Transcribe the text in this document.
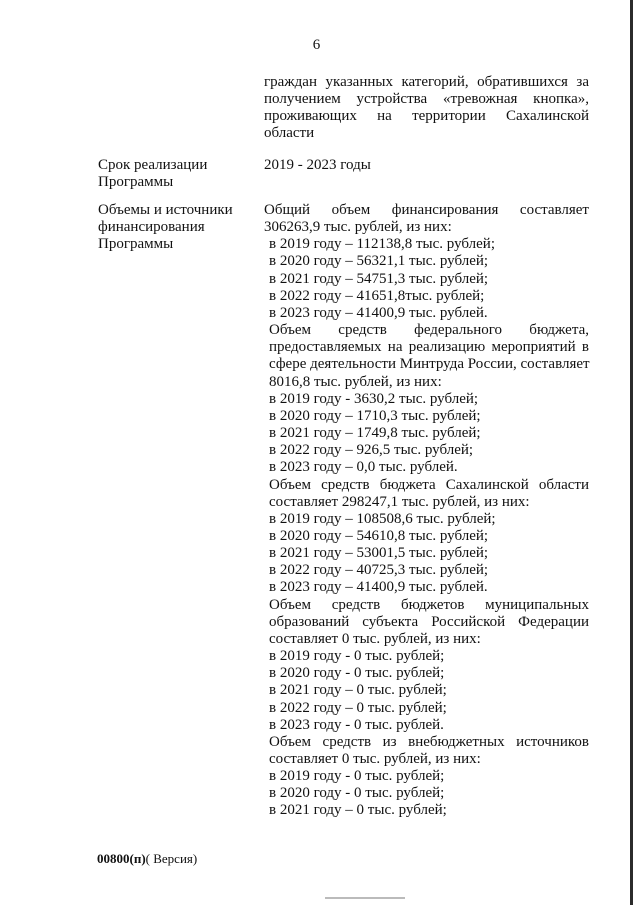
6
граждан указанных категорий, обратившихся за
получением устройства «тревожная кнопка»,
проживающих на территории Сахалинской
области
Срок реализации
Программы
2019 - 2023 годы
Объемы и источники
финансирования
Программы
Общий объем финансирования составляет
306263,9 тыс. рублей, из них:
в 2019 году – 112138,8 тыс. рублей;
в 2020 году – 56321,1 тыс. рублей;
в 2021 году – 54751,3 тыс. рублей;
в 2022 году – 41651,8тыс. рублей;
в 2023 году – 41400,9 тыс. рублей.
Объем средств федерального бюджета,
предоставляемых на реализацию мероприятий в
сфере деятельности Минтруда России, составляет
8016,8 тыс. рублей, из них:
в 2019 году - 3630,2 тыс. рублей;
в 2020 году – 1710,3 тыс. рублей;
в 2021 году – 1749,8 тыс. рублей;
в 2022 году – 926,5 тыс. рублей;
в 2023 году – 0,0 тыс. рублей.
Объем средств бюджета Сахалинской области
составляет 298247,1 тыс. рублей, из них:
в 2019 году – 108508,6 тыс. рублей;
в 2020 году – 54610,8 тыс. рублей;
в 2021 году – 53001,5 тыс. рублей;
в 2022 году – 40725,3 тыс. рублей;
в 2023 году – 41400,9 тыс. рублей.
Объем средств бюджетов муниципальных
образований субъекта Российской Федерации
составляет 0 тыс. рублей, из них:
в 2019 году - 0 тыс. рублей;
в 2020 году - 0 тыс. рублей;
в 2021 году – 0 тыс. рублей;
в 2022 году – 0 тыс. рублей;
в 2023 году - 0 тыс. рублей.
Объем средств из внебюджетных источников
составляет 0 тыс. рублей, из них:
в 2019 году - 0 тыс. рублей;
в 2020 году - 0 тыс. рублей;
в 2021 году – 0 тыс. рублей;
00800(п)( Версия)
